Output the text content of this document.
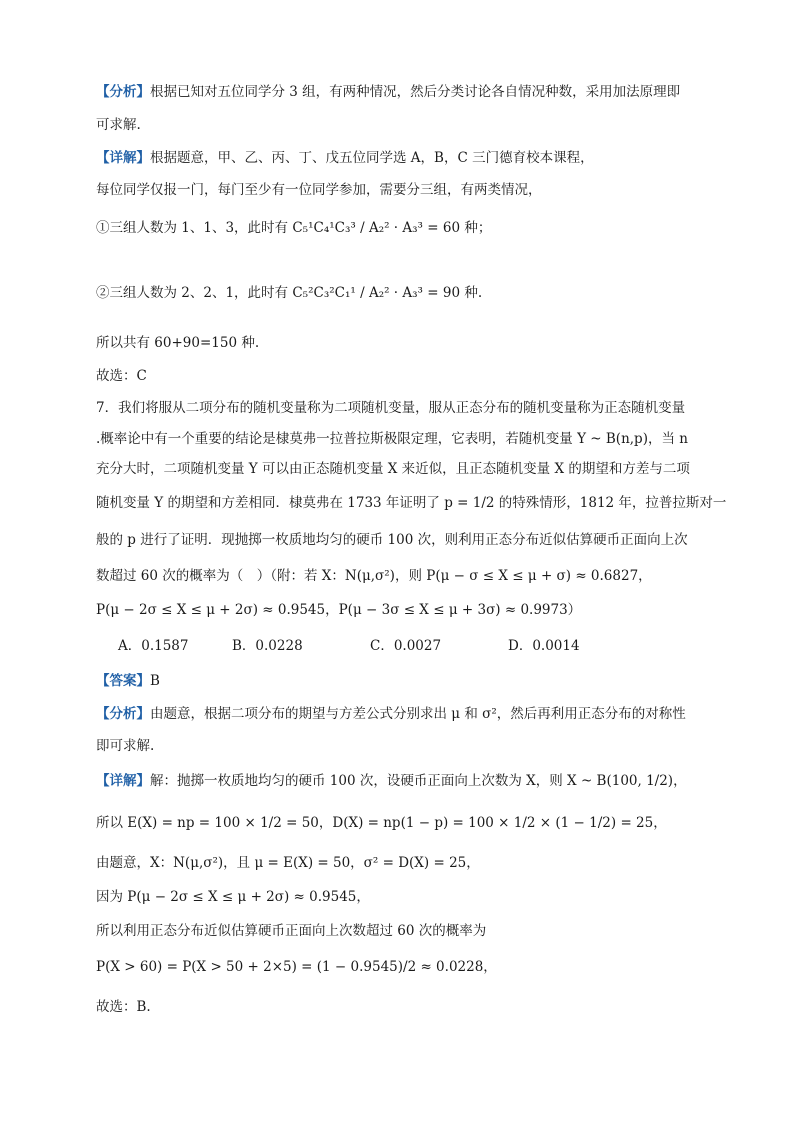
【分析】根据已知对五位同学分 3 组，有两种情况，然后分类讨论各自情况种数，采用加法原理即
可求解.
【详解】根据题意，甲、乙、丙、丁、戊五位同学选 A，B，C 三门德育校本课程，
每位同学仅报一门，每门至少有一位同学参加，需要分三组，有两类情况，
①三组人数为 1、1、3，此时有 C₅¹C₄¹C₃³ / A₂² · A₃³ = 60 种；
②三组人数为 2、2、1，此时有 C₅²C₃²C₁¹ / A₂² · A₃³ = 90 种.
所以共有 60+90=150 种.
故选：C
7．我们将服从二项分布的随机变量称为二项随机变量，服从正态分布的随机变量称为正态随机变量
.概率论中有一个重要的结论是棣莫弗一拉普拉斯极限定理，它表明，若随机变量 Y ~ B(n,p)，当 n
充分大时，二项随机变量 Y 可以由正态随机变量 X 来近似，且正态随机变量 X 的期望和方差与二项
随机变量 Y 的期望和方差相同．棣莫弗在 1733 年证明了 p = 1/2 的特殊情形，1812 年，拉普拉斯对一
般的 p 进行了证明．现抛掷一枚质地均匀的硬币 100 次，则利用正态分布近似估算硬币正面向上次
数超过 60 次的概率为（　）（附：若 X：N(μ,σ²)，则 P(μ − σ ≤ X ≤ μ + σ) ≈ 0.6827，
P(μ − 2σ ≤ X ≤ μ + 2σ) ≈ 0.9545，P(μ − 3σ ≤ X ≤ μ + 3σ) ≈ 0.9973）
A．0.1587	B．0.0228	C．0.0027	D．0.0014
【答案】B
【分析】由题意，根据二项分布的期望与方差公式分别求出 μ 和 σ²，然后再利用正态分布的对称性
即可求解.
【详解】解：抛掷一枚质地均匀的硬币 100 次，设硬币正面向上次数为 X，则 X ~ B(100, 1/2)，
所以 E(X) = np = 100 × 1/2 = 50，D(X) = np(1 − p) = 100 × 1/2 × (1 − 1/2) = 25，
由题意，X：N(μ,σ²)，且 μ = E(X) = 50，σ² = D(X) = 25，
因为 P(μ − 2σ ≤ X ≤ μ + 2σ) ≈ 0.9545，
所以利用正态分布近似估算硬币正面向上次数超过 60 次的概率为
P(X > 60) = P(X > 50 + 2×5) = (1 − 0.9545)/2 ≈ 0.0228，
故选：B.
